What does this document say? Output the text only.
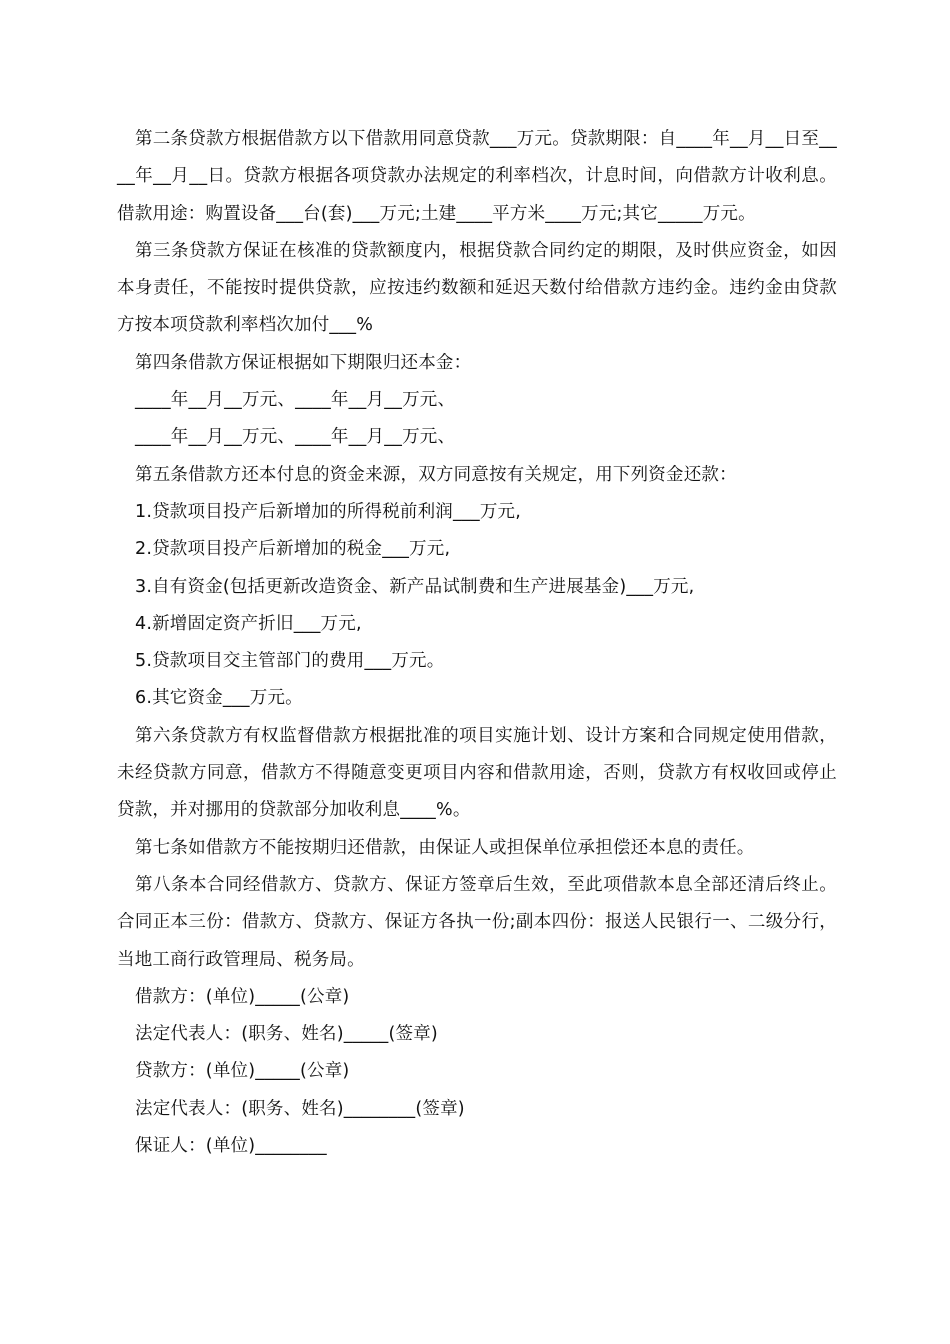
第二条贷款方根据借款方以下借款用同意贷款___万元。贷款期限：自____年__月__日至____年__月__日。贷款方根据各项贷款办法规定的利率档次，计息时间，向借款方计收利息。借款用途：购置设备___台(套)___万元;土建____平方米____万元;其它_____万元。

第三条贷款方保证在核准的贷款额度内，根据贷款合同约定的期限，及时供应资金，如因本身责任，不能按时提供贷款，应按违约数额和延迟天数付给借款方违约金。违约金由贷款方按本项贷款利率档次加付___%

第四条借款方保证根据如下期限归还本金：

____年__月__万元、____年__月__万元、

____年__月__万元、____年__月__万元、

第五条借款方还本付息的资金来源，双方同意按有关规定，用下列资金还款：

1.贷款项目投产后新增加的所得税前利润___万元,

2.贷款项目投产后新增加的税金___万元,

3.自有资金(包括更新改造资金、新产品试制费和生产进展基金)___万元,

4.新增固定资产折旧___万元,

5.贷款项目交主管部门的费用___万元。

6.其它资金___万元。

第六条贷款方有权监督借款方根据批准的项目实施计划、设计方案和合同规定使用借款，未经贷款方同意，借款方不得随意变更项目内容和借款用途，否则，贷款方有权收回或停止贷款，并对挪用的贷款部分加收利息____%。

第七条如借款方不能按期归还借款，由保证人或担保单位承担偿还本息的责任。

第八条本合同经借款方、贷款方、保证方签章后生效，至此项借款本息全部还清后终止。合同正本三份：借款方、贷款方、保证方各执一份;副本四份：报送人民银行一、二级分行，当地工商行政管理局、税务局。

借款方：(单位)_____(公章)

法定代表人：(职务、姓名)_____(签章)

贷款方：(单位)_____(公章)

法定代表人：(职务、姓名)________(签章)

保证人：(单位)________
